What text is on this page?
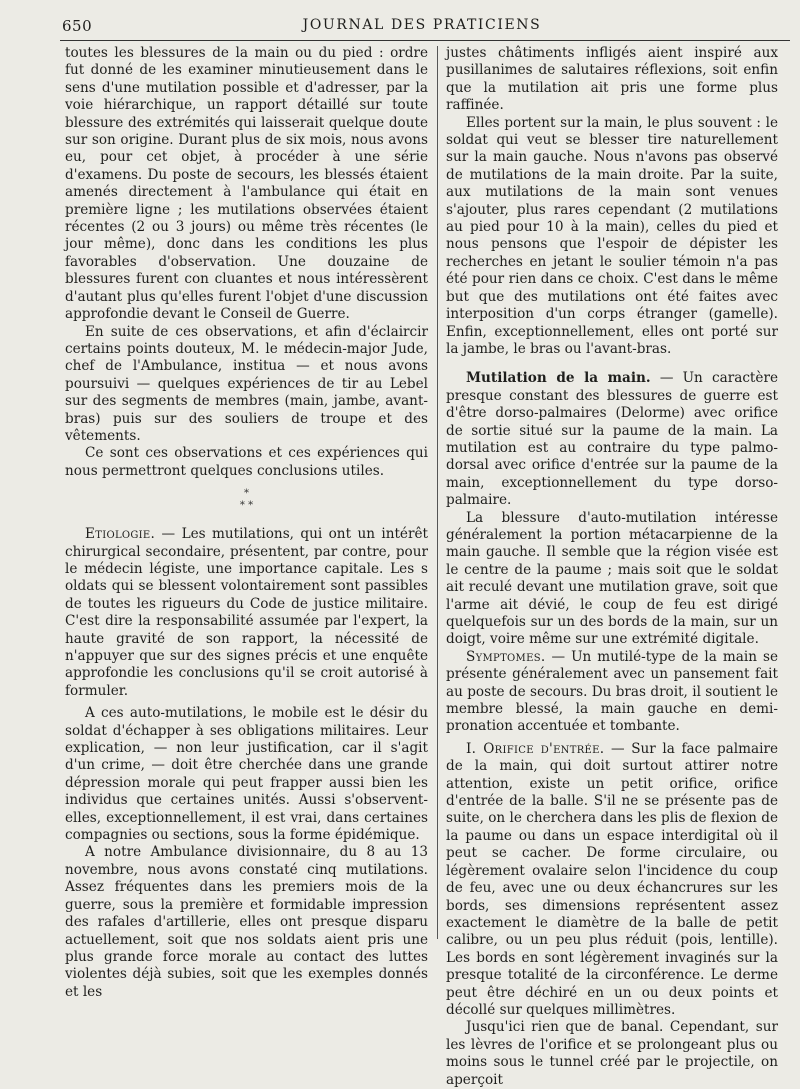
650	JOURNAL DES PRATICIENS

toutes les blessures de la main ou du pied : ordre fut donné de les examiner minutieusement dans le sens d'une mutilation possible et d'adresser, par la voie hiérarchique, un rapport détaillé sur toute blessure des extrémités qui laisserait quelque doute sur son origine. Durant plus de six mois, nous avons eu, pour cet objet, à procéder à une série d'examens. Du poste de secours, les blessés étaient amenés directement à l'ambulance qui était en première ligne ; les mutilations observées étaient récentes (2 ou 3 jours) ou même très récentes (le jour même), donc dans les conditions les plus favorables d'observation. Une douzaine de blessures furent con cluantes et nous intéressèrent d'autant plus qu'elles furent l'objet d'une discussion approfondie devant le Conseil de Guerre.

En suite de ces observations, et afin d'éclaircir certains points douteux, M. le médecin-major Jude, chef de l'Ambulance, institua — et nous avons poursuivi — quelques expériences de tir au Lebel sur des segments de membres (main, jambe, avant-bras) puis sur des souliers de troupe et des vêtements.

Ce sont ces observations et ces expériences qui nous permettront quelques conclusions utiles.

*
* *

Etiologie. — Les mutilations, qui ont un intérêt chirurgical secondaire, présentent, par contre, pour le médecin légiste, une importance capitale. Les s oldats qui se blessent volontairement sont passibles de toutes les rigueurs du Code de justice militaire. C'est dire la responsabilité assumée par l'expert, la haute gravité de son rapport, la nécessité de n'appuyer que sur des signes précis et une enquête approfondie les conclusions qu'il se croit autorisé à formuler.

A ces auto-mutilations, le mobile est le désir du soldat d'échapper à ses obligations militaires. Leur explication, — non leur justification, car il s'agit d'un crime, — doit être cherchée dans une grande dépression morale qui peut frapper aussi bien les individus que certaines unités. Aussi s'observent-elles, exceptionnellement, il est vrai, dans certaines compagnies ou sections, sous la forme épidémique.

A notre Ambulance divisionnaire, du 8 au 13 novembre, nous avons constaté cinq mutilations. Assez fréquentes dans les premiers mois de la guerre, sous la première et formidable impression des rafales d'artillerie, elles ont presque disparu actuellement, soit que nos soldats aient pris une plus grande force morale au contact des luttes violentes déjà subies, soit que les exemples donnés et les

justes châtiments infligés aient inspiré aux pusillanimes de salutaires réflexions, soit enfin que la mutilation ait pris une forme plus raffinée.

Elles portent sur la main, le plus souvent : le soldat qui veut se blesser tire naturellement sur la main gauche. Nous n'avons pas observé de mutilations de la main droite. Par la suite, aux mutilations de la main sont venues s'ajouter, plus rares cependant (2 mutilations au pied pour 10 à la main), celles du pied et nous pensons que l'espoir de dépister les recherches en jetant le soulier témoin n'a pas été pour rien dans ce choix. C'est dans le même but que des mutilations ont été faites avec interposition d'un corps étranger (gamelle). Enfin, exceptionnellement, elles ont porté sur la jambe, le bras ou l'avant-bras.

Mutilation de la main. — Un caractère presque constant des blessures de guerre est d'être dorso-palmaires (Delorme) avec orifice de sortie situé sur la paume de la main. La mutilation est au contraire du type palmo-dorsal avec orifice d'entrée sur la paume de la main, exceptionnellement du type dorso-palmaire.

La blessure d'auto-mutilation intéresse généralement la portion métacarpienne de la main gauche. Il semble que la région visée est le centre de la paume ; mais soit que le soldat ait reculé devant une mutilation grave, soit que l'arme ait dévié, le coup de feu est dirigé quelquefois sur un des bords de la main, sur un doigt, voire même sur une extrémité digitale.

Symptomes. — Un mutilé-type de la main se présente généralement avec un pansement fait au poste de secours. Du bras droit, il soutient le membre blessé, la main gauche en demi-pronation accentuée et tombante.

I. Orifice d'entrée. — Sur la face palmaire de la main, qui doit surtout attirer notre attention, existe un petit orifice, orifice d'entrée de la balle. S'il ne se présente pas de suite, on le cherchera dans les plis de flexion de la paume ou dans un espace interdigital où il peut se cacher. De forme circulaire, ou légèrement ovalaire selon l'incidence du coup de feu, avec une ou deux échancrures sur les bords, ses dimensions représentent assez exactement le diamètre de la balle de petit calibre, ou un peu plus réduit (pois, lentille). Les bords en sont légèrement invaginés sur la presque totalité de la circonférence. Le derme peut être déchiré en un ou deux points et décollé sur quelques millimètres.

Jusqu'ici rien que de banal. Cependant, sur les lèvres de l'orifice et se prolongeant plus ou moins sous le tunnel créé par le projectile, on aperçoit
